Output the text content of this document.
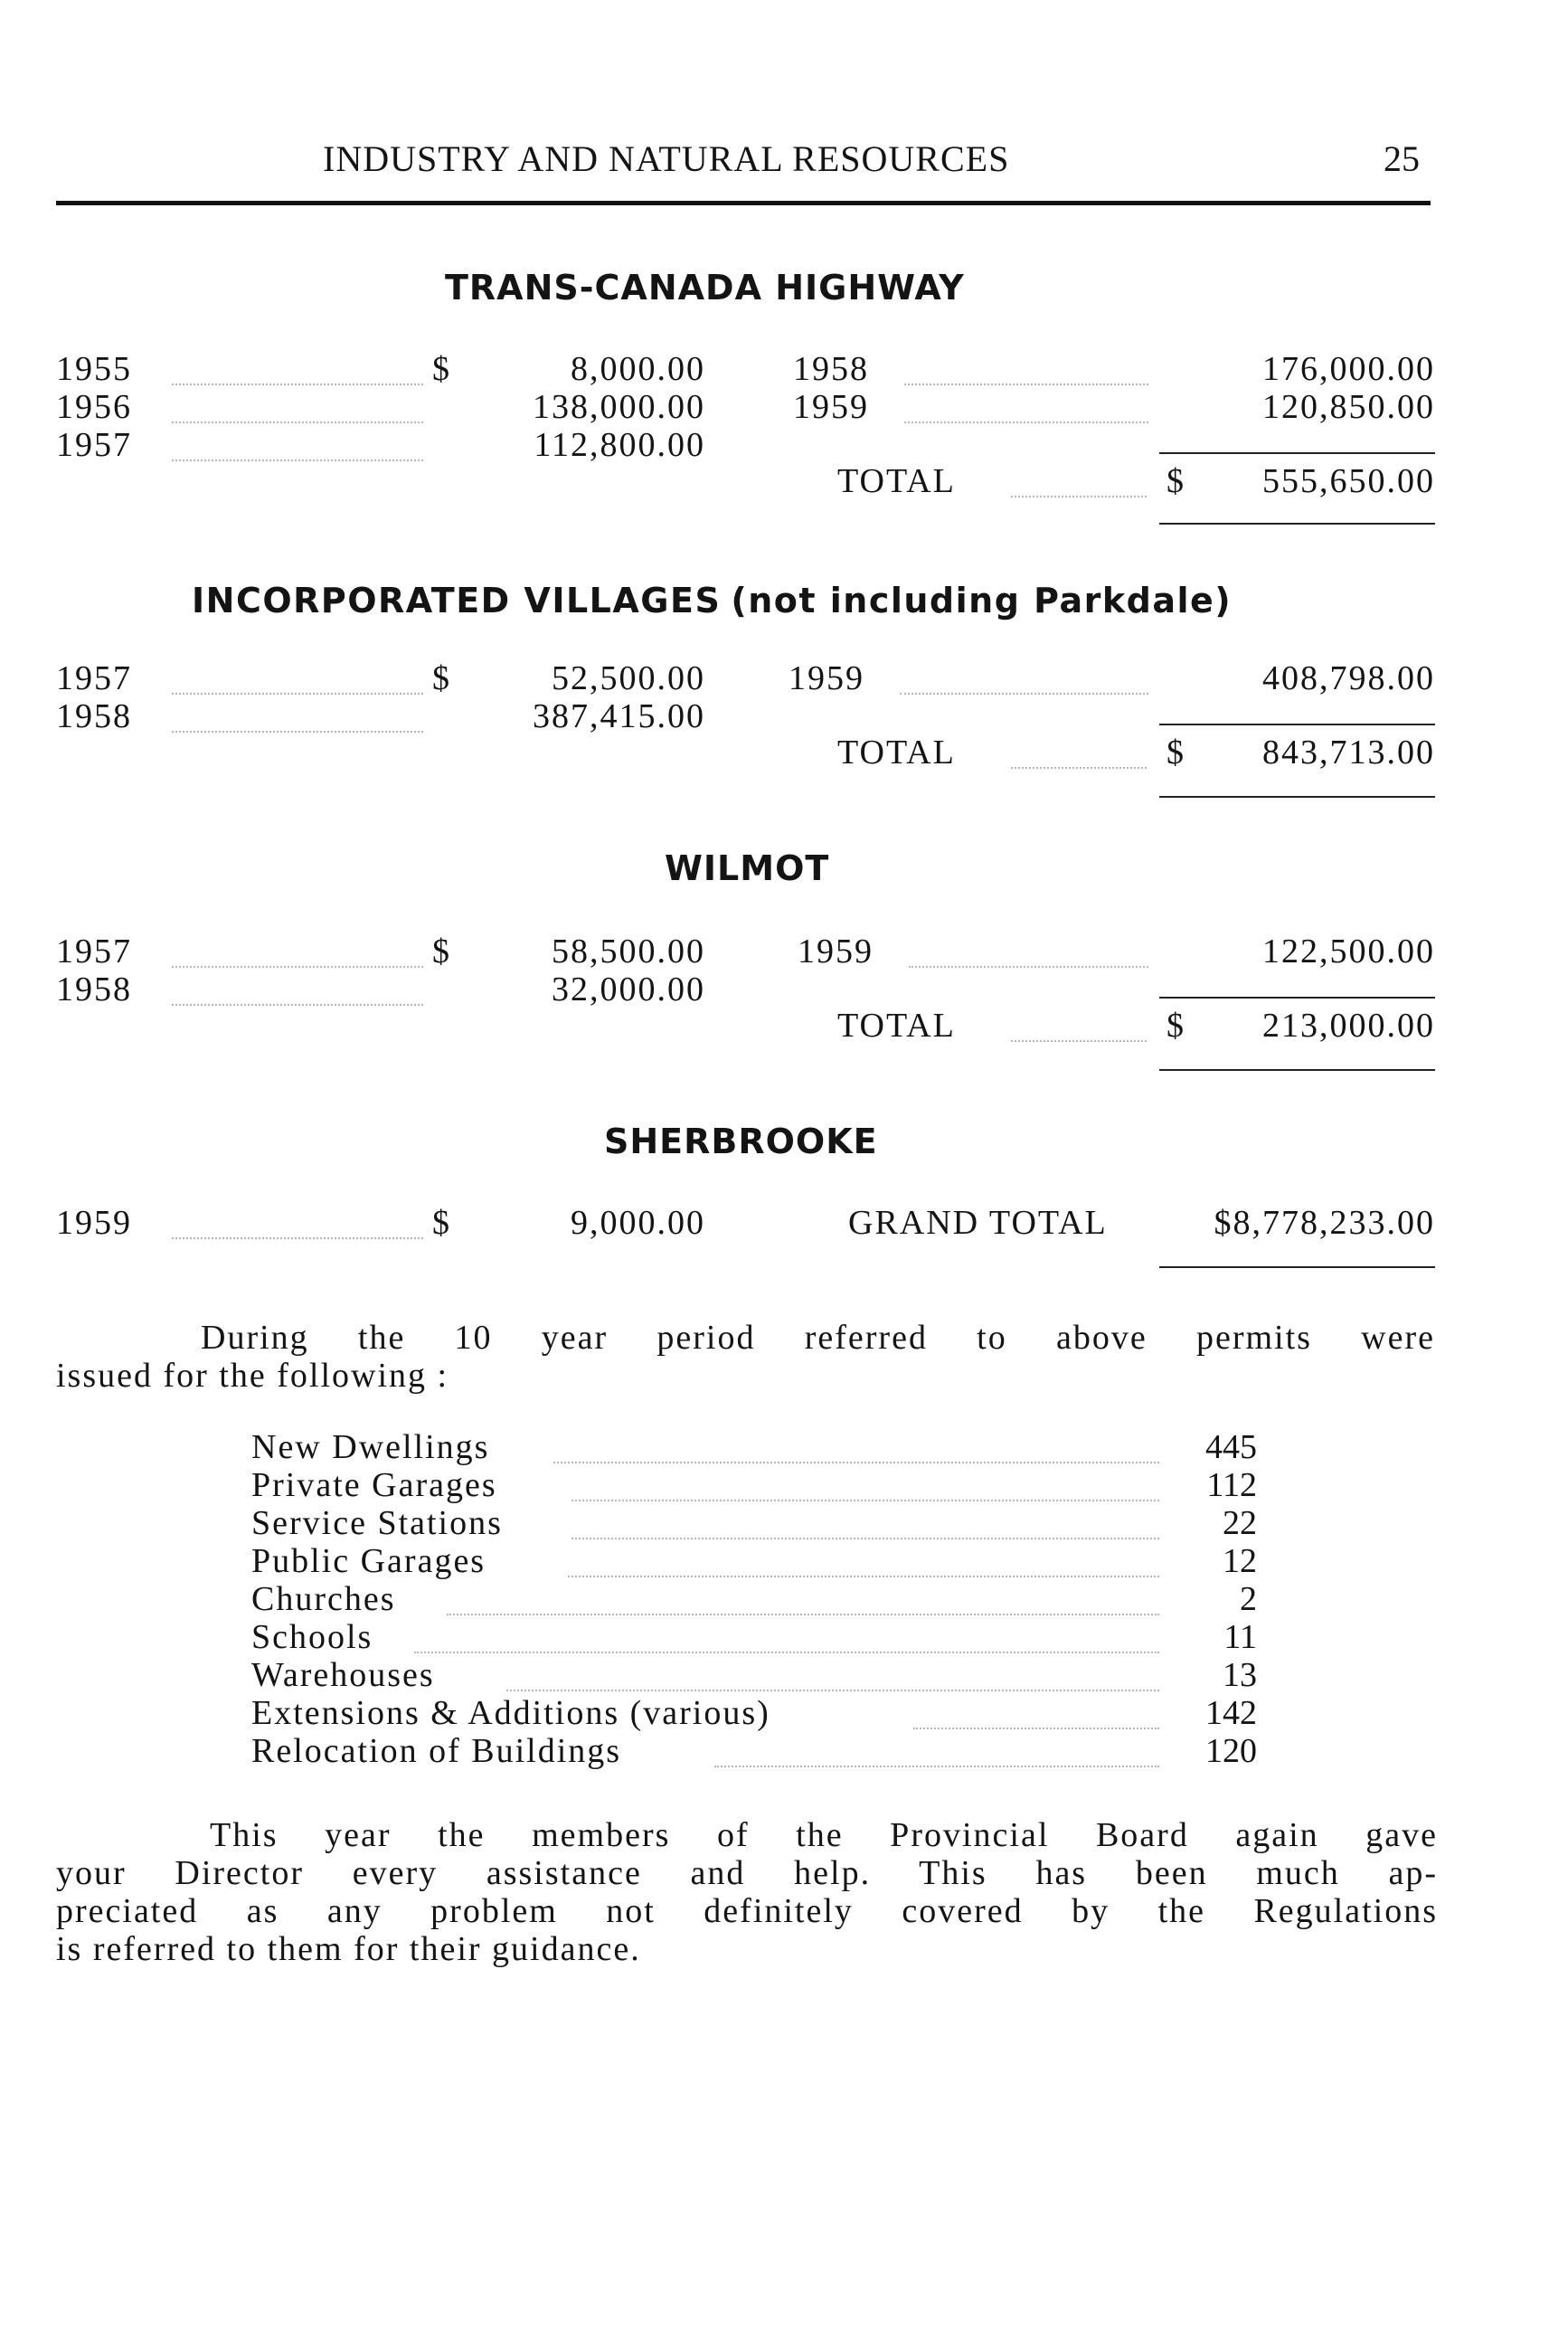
INDUSTRY AND NATURAL RESOURCES	25
TRANS-CANADA HIGHWAY
1955	$	8,000.00
1956	138,000.00
1957	112,800.00
1958	176,000.00
1959	120,850.00
TOTAL	$	555,650.00
INCORPORATED VILLAGES (not including Parkdale)
1957	$	52,500.00
1958	387,415.00
1959	408,798.00
TOTAL	$	843,713.00
WILMOT
1957	$	58,500.00
1958	32,000.00
1959	122,500.00
TOTAL	$	213,000.00
SHERBROOKE
1959	$	9,000.00	GRAND TOTAL	$8,778,233.00
During the 10 year period referred to above permits were
issued for the following :
New Dwellings	445
Private Garages	112
Service Stations	22
Public Garages	12
Churches	2
Schools	11
Warehouses	13
Extensions & Additions (various)	142
Relocation of Buildings	120
This year the members of the Provincial Board again gave
your Director every assistance and help. This has been much ap-
preciated as any problem not definitely covered by the Regulations
is referred to them for their guidance.
